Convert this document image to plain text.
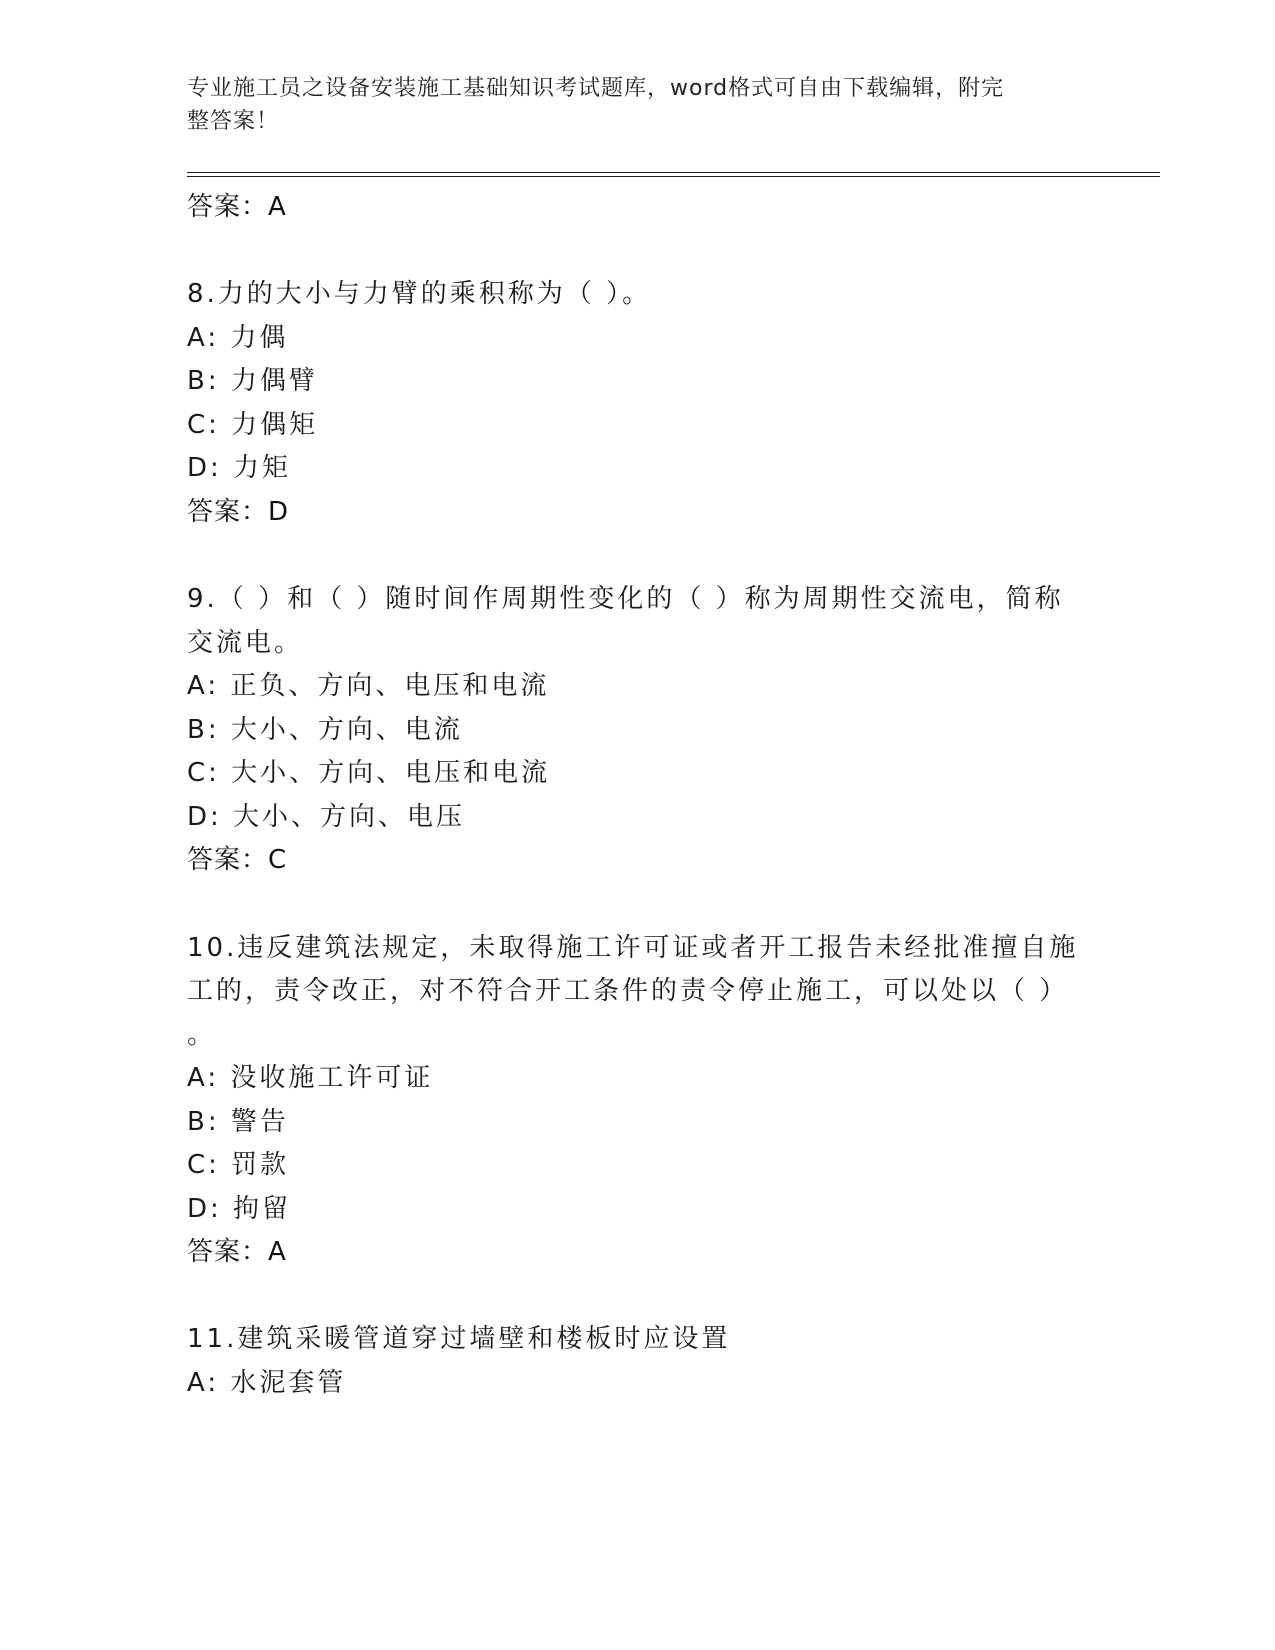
专业施工员之设备安装施工基础知识考试题库，word格式可自由下载编辑，附完
整答案！
答案：A
8.力的大小与力臂的乘积称为（ ）。
A: 力偶
B: 力偶臂
C: 力偶矩
D: 力矩
答案：D
9.（ ）和（ ）随时间作周期性变化的（ ）称为周期性交流电，简称
交流电。
A: 正负、方向、电压和电流
B: 大小、方向、电流
C: 大小、方向、电压和电流
D: 大小、方向、电压
答案：C
10.违反建筑法规定，未取得施工许可证或者开工报告未经批准擅自施
工的，责令改正，对不符合开工条件的责令停止施工，可以处以（ ）
。
A: 没收施工许可证
B: 警告
C: 罚款
D: 拘留
答案：A
11.建筑采暖管道穿过墙壁和楼板时应设置
A: 水泥套管
